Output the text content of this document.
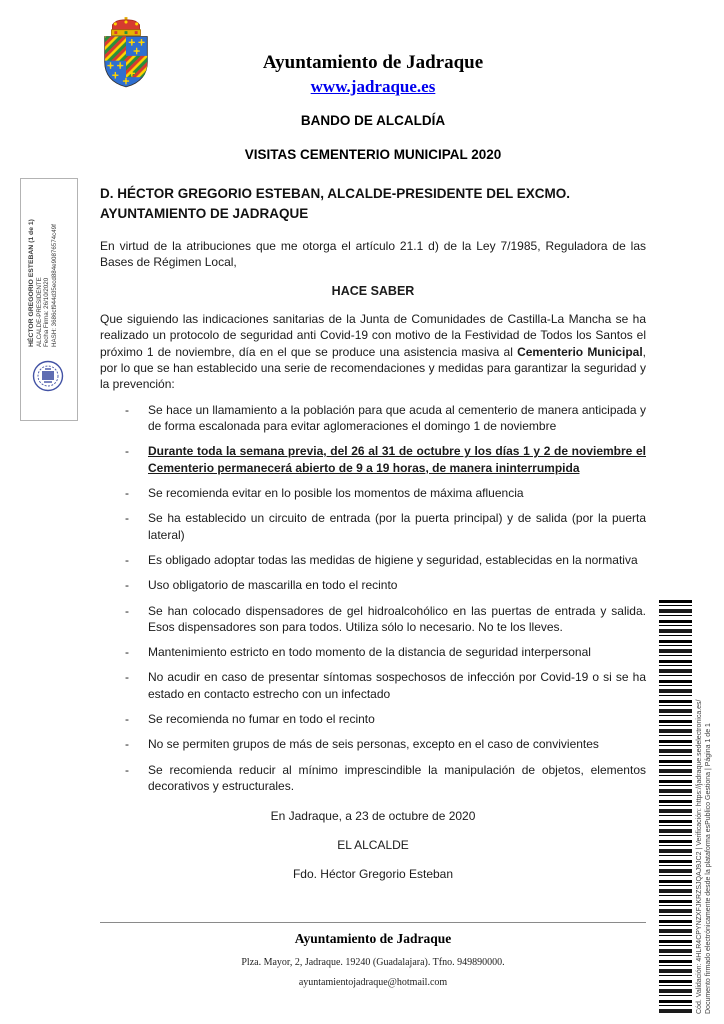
Ayuntamiento de Jadraque
www.jadraque.es
BANDO DE ALCALDÍA
VISITAS CEMENTERIO MUNICIPAL 2020
D. HÉCTOR GREGORIO ESTEBAN, ALCALDE-PRESIDENTE DEL EXCMO. AYUNTAMIENTO DE JADRAQUE

En virtud de la atribuciones que me otorga el artículo 21.1 d) de la Ley 7/1985, Reguladora de las Bases de Régimen Local,

HACE SABER

Que siguiendo las indicaciones sanitarias de la Junta de Comunidades de Castilla-La Mancha se ha realizado un protocolo de seguridad anti Covid-19 con motivo de la Festividad de Todos los Santos el próximo 1 de noviembre, día en el que se produce una asistencia masiva al Cementerio Municipal, por lo que se han establecido una serie de recomendaciones y medidas para garantizar la seguridad y la prevención:

-	Se hace un llamamiento a la población para que acuda al cementerio de manera anticipada y de forma escalonada para evitar aglomeraciones el domingo 1 de noviembre
-	Durante toda la semana previa, del 26 al 31 de octubre y los días 1 y 2 de noviembre el Cementerio permanecerá abierto de 9 a 19 horas, de manera ininterrumpida
-	Se recomienda evitar en lo posible los momentos de máxima afluencia
-	Se ha establecido un circuito de entrada (por la puerta principal) y de salida (por la puerta lateral)
-	Es obligado adoptar todas las medidas de higiene y seguridad, establecidas en la normativa
-	Uso obligatorio de mascarilla en todo el recinto
-	Se han colocado dispensadores de gel hidroalcohólico en las puertas de entrada y salida. Esos dispensadores son para todos. Utiliza sólo lo necesario. No te los lleves.
-	Mantenimiento estricto en todo momento de la distancia de seguridad interpersonal
-	No acudir en caso de presentar síntomas sospechosos de infección por Covid-19 o si se ha estado en contacto estrecho con un infectado
-	Se recomienda no fumar en todo el recinto
-	No se permiten grupos de más de seis personas, excepto en el caso de convivientes
-	Se recomienda reducir al mínimo imprescindible la manipulación de objetos, elementos decorativos y estructurales.
En Jadraque, a 23 de octubre de 2020
EL ALCALDE
Fdo. Héctor Gregorio Esteban
Ayuntamiento de Jadraque
Plza. Mayor, 2, Jadraque. 19240 (Guadalajara). Tfno. 949890000.
ayuntamientojadraque@hotmail.com
HÉCTOR GREGORIO ESTEBAN (1 de 1) ALCALDE-PRESIDENTE Fecha Firma: 26/10/2020 HASH: 3686cf944d35ecd884e90876574c49f
Cód. Validación: 4HLR4CPYNZXFJKRZSJQAJ9JC2 | Verificación: https://jadraque.sedelectronica.es/ Documento firmado electrónicamente desde la plataforma esPublico Gestiona | Página 1 de 1
